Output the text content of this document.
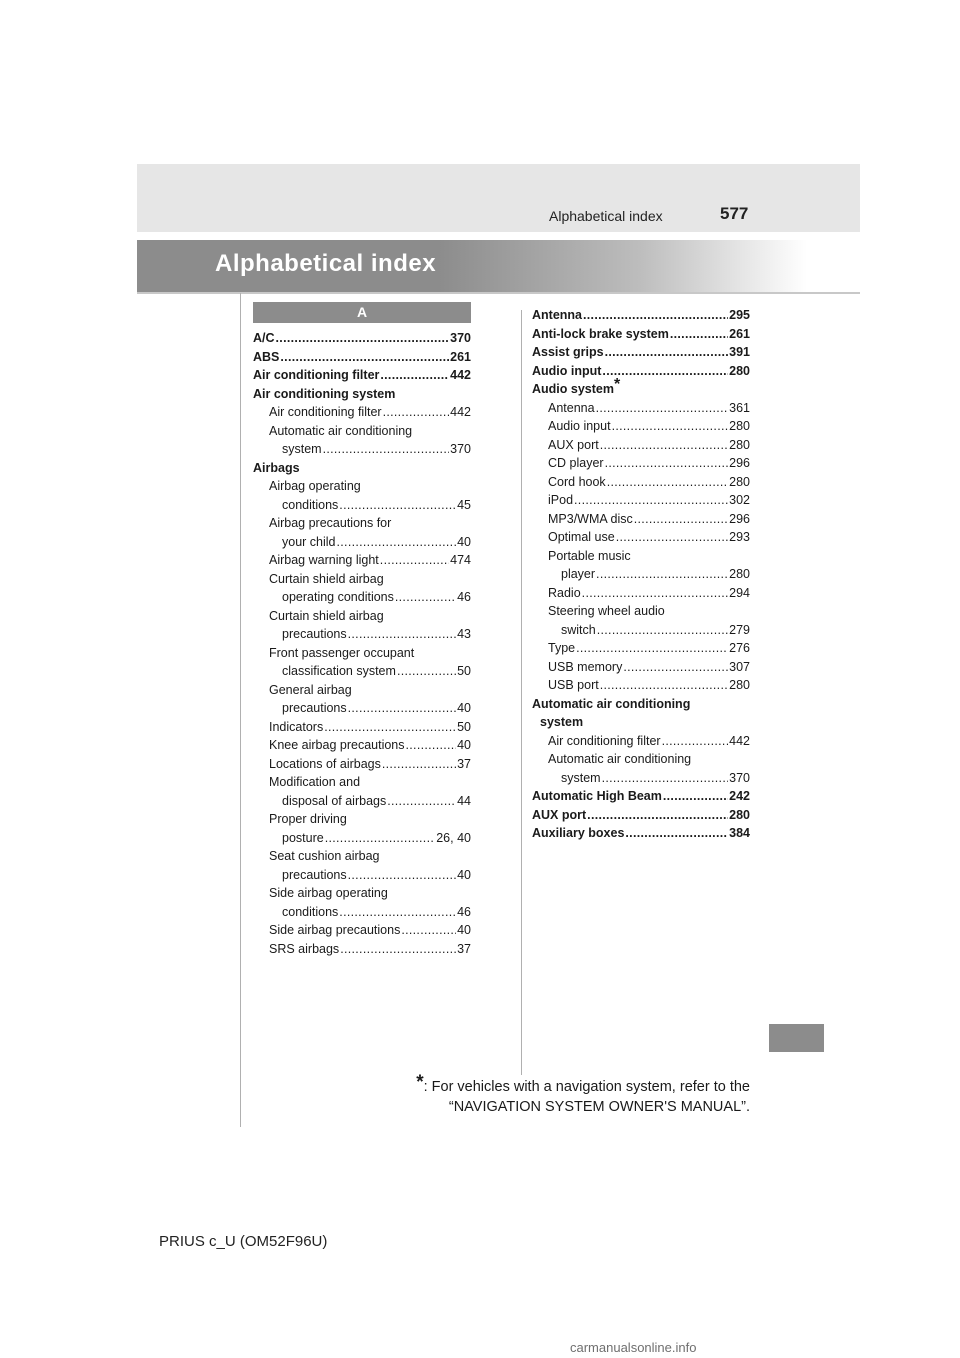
Alphabetical index	577
Alphabetical index
A
A/C .....	370
ABS .....	261
Air conditioning filter .....	442
Air conditioning system
Air conditioning filter .....	442
Automatic air conditioning
system .....	370
Airbags
Airbag operating
conditions .....	45
Airbag precautions for
your child .....	40
Airbag warning light .....	474
Curtain shield airbag
operating conditions .....	46
Curtain shield airbag
precautions .....	43
Front passenger occupant
classification system .....	50
General airbag
precautions .....	40
Indicators .....	50
Knee airbag precautions .....	40
Locations of airbags .....	37
Modification and
disposal of airbags .....	44
Proper driving
posture .....	26, 40
Seat cushion airbag
precautions .....	40
Side airbag operating
conditions .....	46
Side airbag precautions .....	40
SRS airbags .....	37
Antenna .....	295
Anti-lock brake system .....	261
Assist grips .....	391
Audio input .....	280
Audio system*
Antenna .....	361
Audio input .....	280
AUX port .....	280
CD player .....	296
Cord hook .....	280
iPod .....	302
MP3/WMA disc .....	296
Optimal use .....	293
Portable music
player .....	280
Radio .....	294
Steering wheel audio
switch .....	279
Type .....	276
USB memory .....	307
USB port .....	280
Automatic air conditioning
system
Air conditioning filter .....	442
Automatic air conditioning
system .....	370
Automatic High Beam .....	242
AUX port .....	280
Auxiliary boxes .....	384
*: For vehicles with a navigation system, refer to the
“NAVIGATION SYSTEM OWNER'S MANUAL”.
PRIUS c_U (OM52F96U)
carmanualsonline.info
